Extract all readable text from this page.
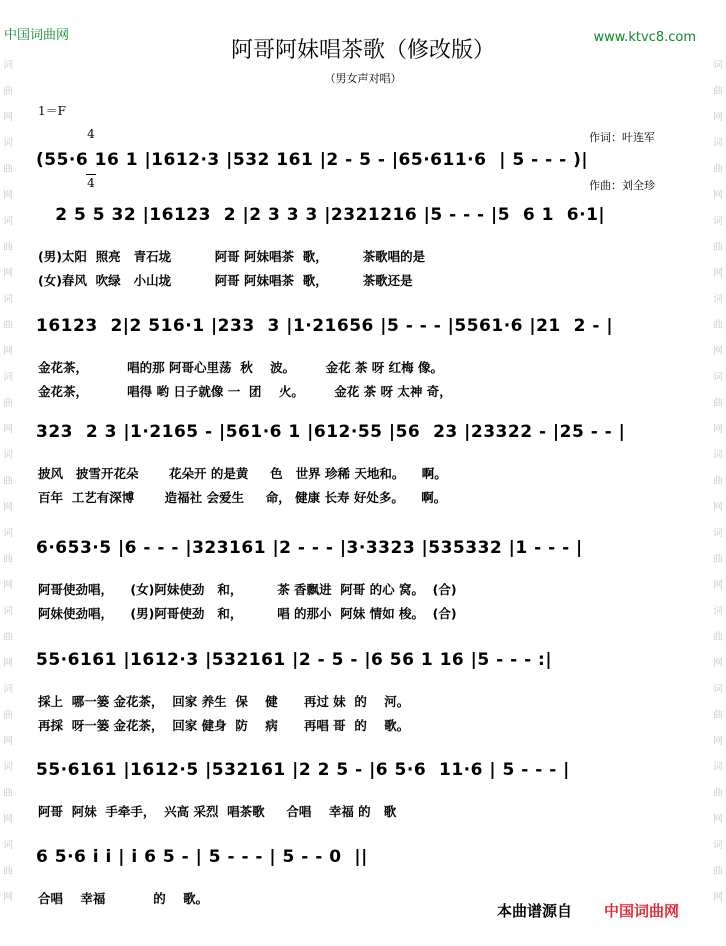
中国词曲网	www.ktvc8.com
词
曲
网
词
曲
网
词
曲
网
词
曲
网
词
曲
网
词
曲
网
词
曲
网
词
曲
网
词
曲
网
词
曲
网
词
曲
网
词
曲
网
词
曲
网
词
曲
网
词
曲
网
词
曲
网
词
曲
网
词
曲
网
词
曲
网
词
曲
网
词
曲
网
词
曲
网
阿哥阿妹唱茶歌（修改版）
（男女声对唱）
1＝F

4

4

作词：叶连军

作曲：刘全珍

(55·6 16 1 |1612·3 |532 161 |2 - 5 - |65·611·6  | 5 - - - )|
2 5 5 32 |16123  2 |2 3 3 3 |2321216 |5 - - - |5  6 1  6·1|
(男)太阳  照亮   青石垅          阿哥 阿妹唱茶  歌，        茶歌唱的是
(女)春风  吹绿   小山垅          阿哥 阿妹唱茶  歌，        茶歌还是
16123  2|2 516·1 |233  3 |1·21656 |5 - - - |5561·6 |21  2 - |
金花茶，         唱的那 阿哥心里荡  秋    波。       金花 茶 呀 红梅 像。
金花茶，         唱得 哟 日子就像 一  团    火。       金花 茶 呀 太神 奇，
323  2 3 |1·2165 - |561·6 1 |612·55 |56  23 |23322 - |25 - - |
披风   披雪开花朵       花朵开 的是黄     色   世界 珍稀 天地和。    啊。
百年  工艺有深博       造福社 会爱生     命， 健康 长寿 好处多。    啊。
6·653·5 |6 - - - |323161 |2 - - - |3·3323 |535332 |1 - - - |
阿哥使劲唱，    (女)阿妹使劲   和，        茶 香飘进  阿哥 的心 窝。  (合)
阿妹使劲唱，    (男)阿哥使劲   和，        唱 的那小  阿妹 情如 梭。  (合)
55·6161 |1612·3 |532161 |2 - 5 - |6 56 1 16 |5 - - - :|
採上  哪一篓 金花茶，  回家 养生  保    健      再过 妹  的    河。
再採  呀一篓 金花茶，  回家 健身  防    病      再唱 哥  的    歌。
55·6161 |1612·5 |532161 |2 2 5 - |6 5·6  11·6 | 5 - - - |
阿哥  阿妹  手牵手，  兴高 采烈  唱茶歌     合唱    幸福 的   歌
6 5·6 i i | i 6 5 - | 5 - - - | 5 - - 0  ||
合唱    幸福           的    歌。
本曲谱源自 中国词曲网
